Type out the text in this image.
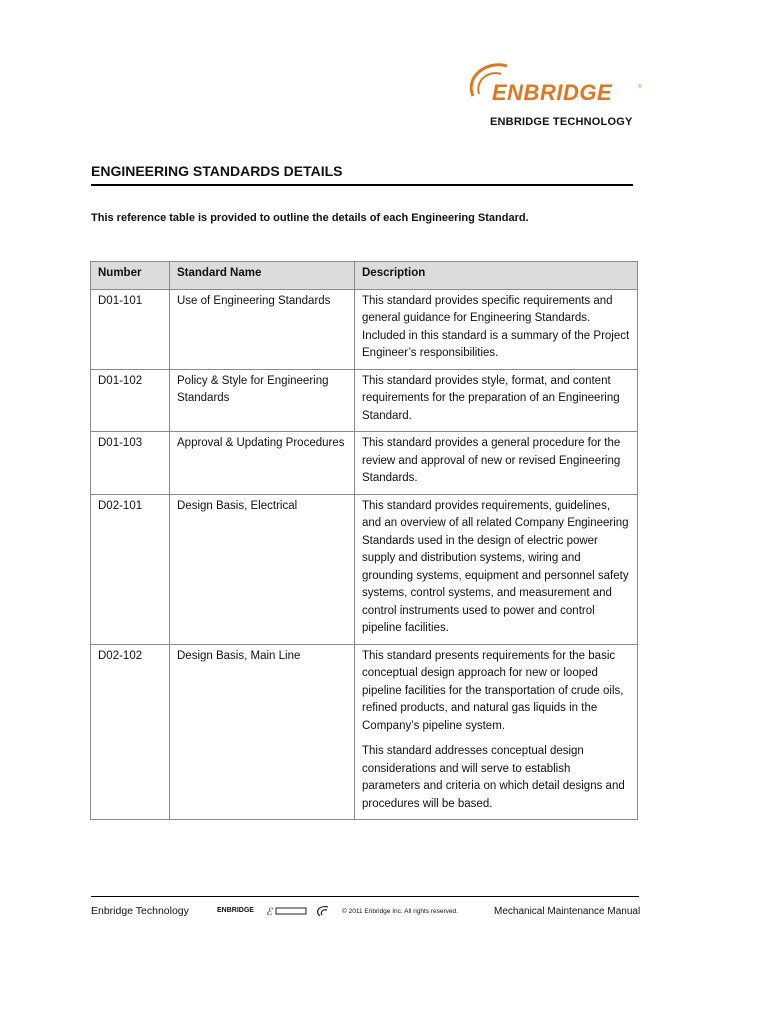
ENBRIDGE	®
ENBRIDGE TECHNOLOGY
ENGINEERING STANDARDS DETAILS
This reference table is provided to outline the details of each Engineering Standard.
Number	Standard Name	Description
D01-101	Use of Engineering Standards	This standard provides specific requirements and general guidance for Engineering Standards. Included in this standard is a summary of the Project Engineer’s responsibilities.

D01-102	Policy & Style for Engineering Standards	This standard provides style, format, and content requirements for the preparation of an Engineering Standard.

D01-103	Approval & Updating Procedures	This standard provides a general procedure for the review and approval of new or revised Engineering Standards.

D02-101	Design Basis, Electrical	This standard provides requirements, guidelines, and an overview of all related Company Engineering Standards used in the design of electric power supply and distribution systems, wiring and grounding systems, equipment and personnel safety systems, control systems, and measurement and control instruments used to power and control pipeline facilities.

D02-102	Design Basis, Main Line	This standard presents requirements for the basic conceptual design approach for new or looped pipeline facilities for the transportation of crude oils, refined products, and natural gas liquids in the Company’s pipeline system.

This standard addresses conceptual design considerations and will serve to establish parameters and criteria on which detail designs and procedures will be based.

Enbridge Technology	ENBRIDGE ℰ	© 2011 Enbridge Inc. All rights reserved.	Mechanical Maintenance Manual
